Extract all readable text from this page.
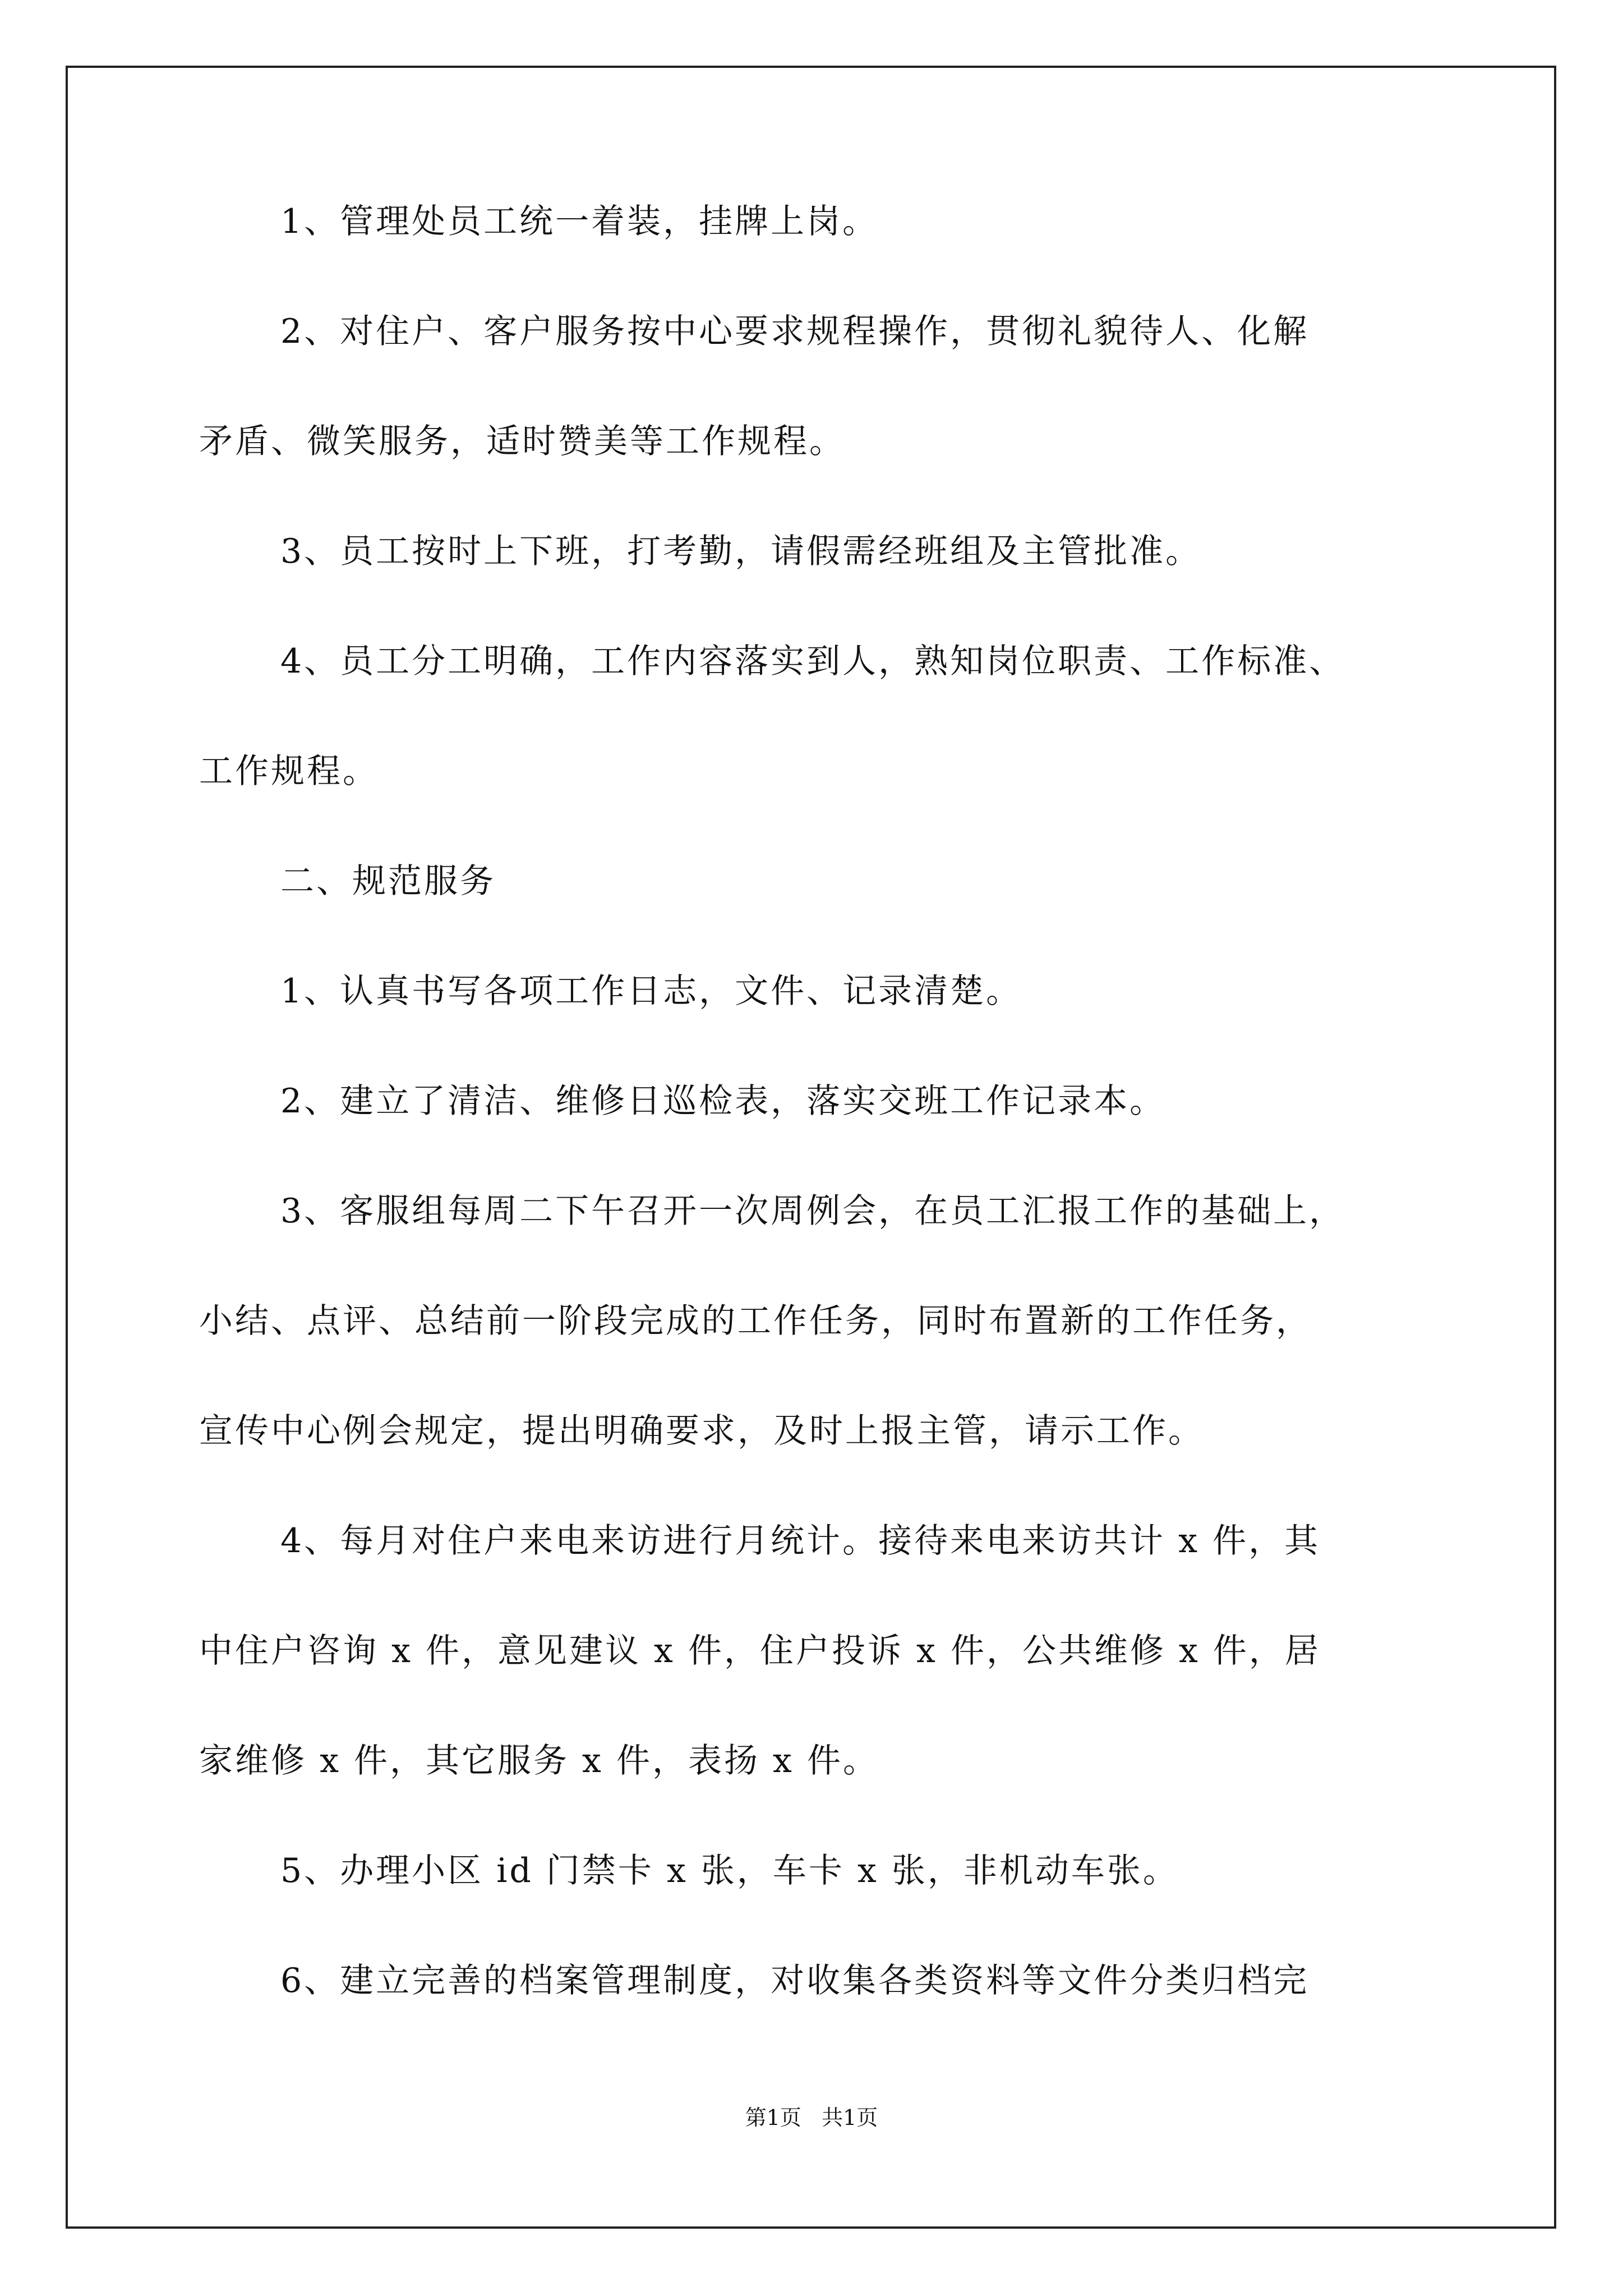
1、管理处员工统一着装，挂牌上岗。
2、对住户、客户服务按中心要求规程操作，贯彻礼貌待人、化解
矛盾、微笑服务，适时赞美等工作规程。
3、员工按时上下班，打考勤，请假需经班组及主管批准。
4、员工分工明确，工作内容落实到人，熟知岗位职责、工作标准、
工作规程。
二、规范服务
1、认真书写各项工作日志，文件、记录清楚。
2、建立了清洁、维修日巡检表，落实交班工作记录本。
3、客服组每周二下午召开一次周例会，在员工汇报工作的基础上，
小结、点评、总结前一阶段完成的工作任务，同时布置新的工作任务，
宣传中心例会规定，提出明确要求，及时上报主管，请示工作。
4、每月对住户来电来访进行月统计。接待来电来访共计 x 件，其
中住户咨询 x 件，意见建议 x 件，住户投诉 x 件，公共维修 x 件，居
家维修 x 件，其它服务 x 件，表扬 x 件。
5、办理小区 id 门禁卡 x 张，车卡 x 张，非机动车张。
6、建立完善的档案管理制度，对收集各类资料等文件分类归档完
第1页   共1页
